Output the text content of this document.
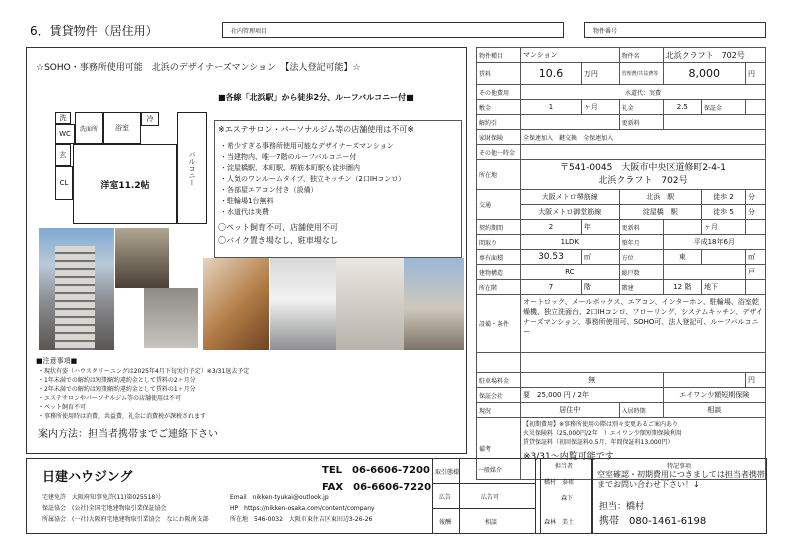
6．賃貸物件（居住用）	社内管理項目	物件番号
☆SOHO・事務所使用可能　北浜のデザイナーズマンション　【法人登記可能】☆
■各線「北浜駅」から徒歩2分、ルーフバルコニー付■
洗
WC
洗面所	浴室
冷
玄
CL	洋室11.2帖	バルコニー
※エステサロン・パーソナルジム等の店舗使用は不可※
・希少すぎる事務所使用可能なデザイナーズマンション
・当建物内、唯一7階のルーフバルコニー付
・淀屋橋駅、本町駅、堺筋本町駅も徒歩圏内
・人気のワンルームタイプ、独立キッチン（2口IHコンロ）
・各部屋エアコン付き（設備）
・駐輪場1台無料
・水道代は実費
〇ペット飼育不可、店舗使用不可
〇バイク置き場なし、駐車場なし
■注意事項■
・現状有姿（ハウスクリーニングは2025年4月下旬実行予定）※3/31退去予定
・1年未満での解約は短期解約違約金として賃料の2ヶ月分
・2年未満での解約は短期解約違約金として賃料の1ヶ月分
・エステサロンやパーソナルジム等の店舗使用は不可
・ペット飼育不可
・事務所使用時は消費、共益費、礼金に消費税が課税されます
案内方法：担当者携帯までご連絡下さい
物件種目	マンション		物件名	北浜クラフト　702号		
賃料	10.6	万円	管理費/共益費等	8,000		円
その他費用	水道代：実費					
敷金	1	ヶ月	礼金	2.5	保証金	
解約引			更新料			
家財保険	全保連加入　 鍵交換　 全保連加入					
その他一時金						
所在地	〒541-0045　大阪市中央区道修町2-4-1
北浜クラフト　702号					

交通	大阪メトロ堺筋線		北浜　 駅		徒歩 2	分
	大阪メトロ御堂筋線		淀屋橋　 駅		徒歩 5	分
契約期間	2	年	更新料		ヶ月	
間取り	1LDK		築年月	平成18年6月		
専有面積	30.53	㎡	方位	東		㎡
建物構造	RC		総戸数			戸
所在階	7	階	階建	12 階	地下	
設備・条件	オートロック、メールボックス、エアコン、インターホン、駐輪場、浴室乾燥機、独立洗面台、2口IHコンロ、フローリング、システムキッチン、デザイナーズマンション、事務所使用可、SOHO可、法人登記可、ルーフバルコニー					

駐車場料金	無					円
保証会社	要　 25,000 円 / 2年			エイワン少額短期保険		
現況	居住中		入居時期	相談		
備考	【初期費用】※事務所使用の際は別々変更あるご案内あり
火災保険料（25,000円/2年　）エイワン少額短期保険利用
賃貸保証料（初回保証料0.5月、年間保証料13,000円）
※3/31～内覧可能です					
日建ハウジング	TEL　 06-6606-7200
FAX　 06-6606-7220
宅建免許　大阪府知事免許(11)第025518号
保証協会　(公社)全国宅地建物取引業保証協会
所属協会　(一社)大阪府宅地建物取引業協会　なにわ阪南支部
Email　 nikken-tyukai@outlook.jp
HP　 https://nikken-osaka.com/content/company
所在地　 546-0032　大阪市東住吉区東田辺3-26-26
取引態様	一般媒介
広告	広告可
報酬	相談
担当者
橋村　泰祐
森下
森林　美土
特記事項
空室確認・初期費用につきましては担当者携帯までお問い合わせ下さい！↓
担当：橋村
携帯　 080-1461-6198
